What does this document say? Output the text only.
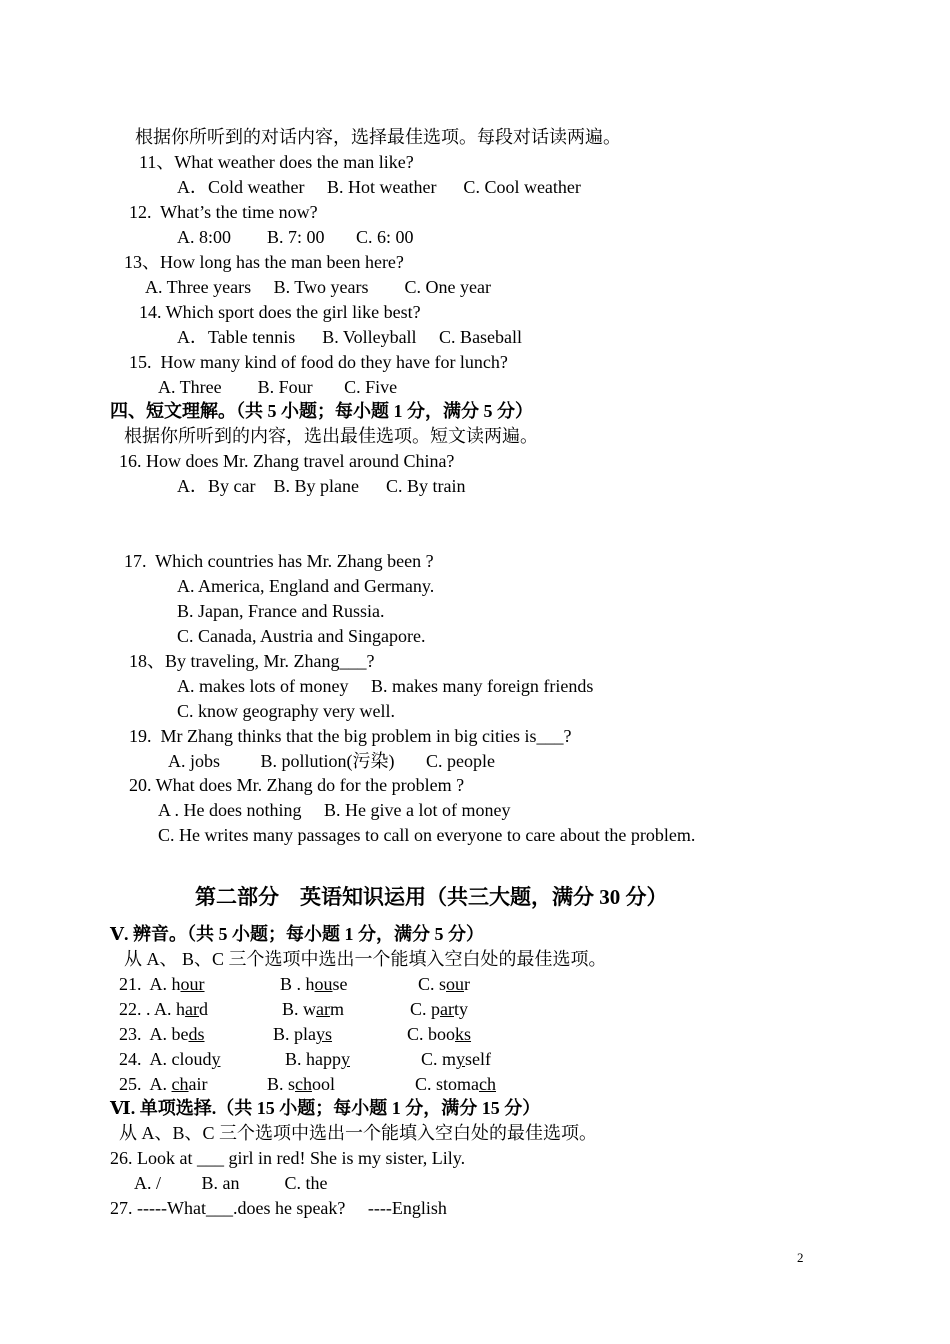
根据你所听到的对话内容，选择最佳选项。每段对话读两遍。
11、What weather does the man like?
A．Cold weather     B. Hot weather      C. Cool weather
12.  What’s the time now?
A. 8:00        B. 7: 00       C. 6: 00
13、How long has the man been here?
A. Three years     B. Two years        C. One year
14. Which sport does the girl like best?
A．Table tennis      B. Volleyball     C. Baseball
15.  How many kind of food do they have for lunch?
A. Three        B. Four       C. Five
四、短文理解。（共 5 小题；每小题 1 分，满分 5 分）
根据你所听到的内容，选出最佳选项。短文读两遍。
16. How does Mr. Zhang travel around China?
A．By car    B. By plane      C. By train
17.  Which countries has Mr. Zhang been ?
A. America, England and Germany.
B. Japan, France and Russia.
C. Canada, Austria and Singapore.
18、By traveling, Mr. Zhang___?
A. makes lots of money     B. makes many foreign friends
C. know geography very well.
19.  Mr Zhang thinks that the big problem in big cities is___?
A. jobs         B. pollution(污染)       C. people
20. What does Mr. Zhang do for the problem ?
A . He does nothing     B. He give a lot of money
C. He writes many passages to call on everyone to care about the problem.
第二部分    英语知识运用（共三大题，满分 30 分）
Ⅴ. 辨音。（共 5 小题；每小题 1 分，满分 5 分）
从 A、 B、C 三个选项中选出一个能填入空白处的最佳选项。
21.  A. hour	B . house	C. sour
22. . A. hard	B. warm	C. party
23.  A. beds	B. plays	C. books
24.  A. cloudy	B. happy	C. myself
25.  A. chair	B. school	C. stomach
Ⅵ. 单项选择.（共 15 小题；每小题 1 分，满分 15 分）
从 A、B、C 三个选项中选出一个能填入空白处的最佳选项。
26. Look at ___ girl in red! She is my sister, Lily.
A. /         B. an          C. the
27. -----What___.does he speak?     ----English
2
